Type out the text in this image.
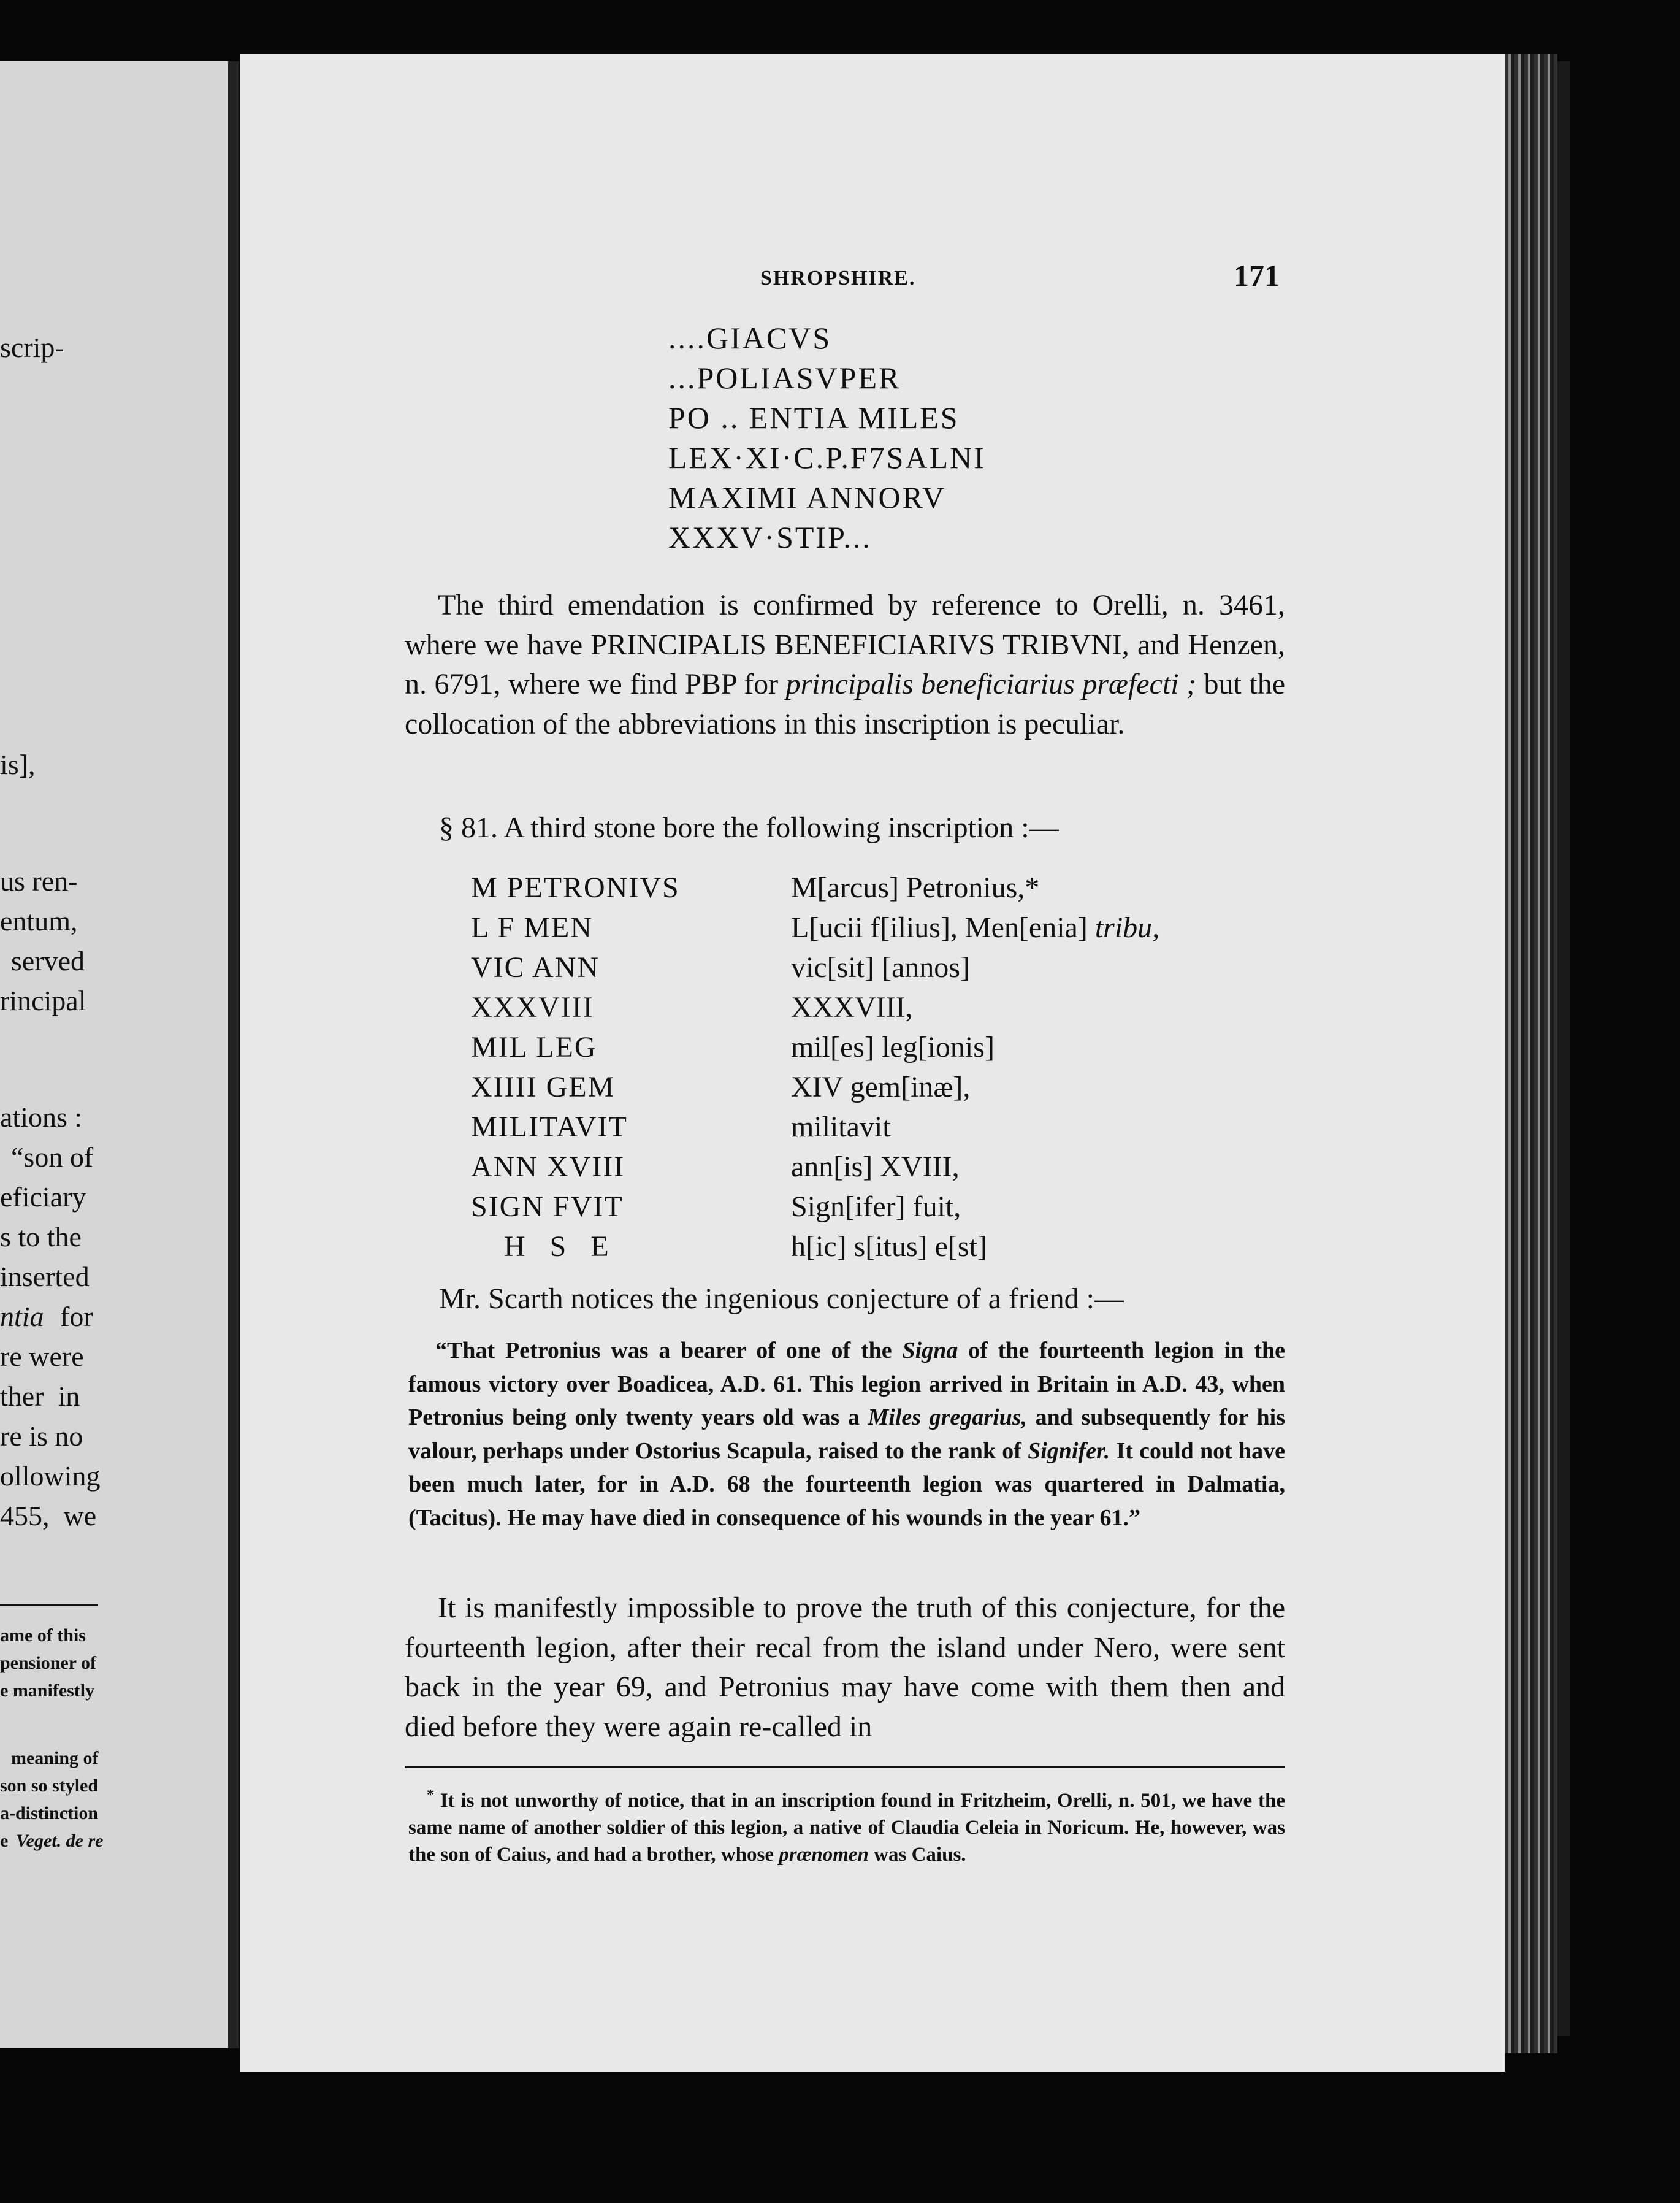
scrip-
is],
us ren-
entum,
served
rincipal
ations :
“son of
eficiary
s to the
inserted
ntia for
re were
ther  in
re is no
ollowing
455,  we
ame of this
pensioner of
e manifestly
meaning of
son so styled
a-distinction
e Veget. de re
SHROPSHIRE.	171
....GIACVS
...POLIASVPER
PO .. ENTIA MILES
LEX·XI·C.P.F7SALNI
MAXIMI ANNORV
XXXV·STIP...
The third emendation is confirmed by reference to Orelli, n. 3461, where we have PRINCIPALIS BENEFICIARIVS TRIBVNI, and Henzen, n. 6791, where we find PBP for principalis beneficiarius præfecti ; but the collocation of the abbreviations in this inscription is peculiar.
§ 81. A third stone bore the following inscription :—
M PETRONIVS
L F MEN
VIC ANN
XXXVIII
MIL LEG
XIIII GEM
MILITAVIT
ANN XVIII
SIGN FVIT
H S E
M[arcus] Petronius,*
L[ucii f[ilius], Men[enia] tribu,
vic[sit] [annos]
XXXVIII,
mil[es] leg[ionis]
XIV gem[inæ],
militavit
ann[is] XVIII,
Sign[ifer] fuit,
h[ic] s[itus] e[st]
Mr. Scarth notices the ingenious conjecture of a friend :—
“That Petronius was a bearer of one of the Signa of the fourteenth legion in the famous victory over Boadicea, A.D. 61. This legion arrived in Britain in A.D. 43, when Petronius being only twenty years old was a Miles gregarius, and subsequently for his valour, perhaps under Ostorius Scapula, raised to the rank of Signifer. It could not have been much later, for in A.D. 68 the fourteenth legion was quartered in Dalmatia, (Tacitus). He may have died in consequence of his wounds in the year 61.”
It is manifestly impossible to prove the truth of this conjecture, for the fourteenth legion, after their recal from the island under Nero, were sent back in the year 69, and Petronius may have come with them then and died before they were again re-called in
* It is not unworthy of notice, that in an inscription found in Fritzheim, Orelli, n. 501, we have the same name of another soldier of this legion, a native of Claudia Celeia in Noricum. He, however, was the son of Caius, and had a brother, whose prænomen was Caius.
